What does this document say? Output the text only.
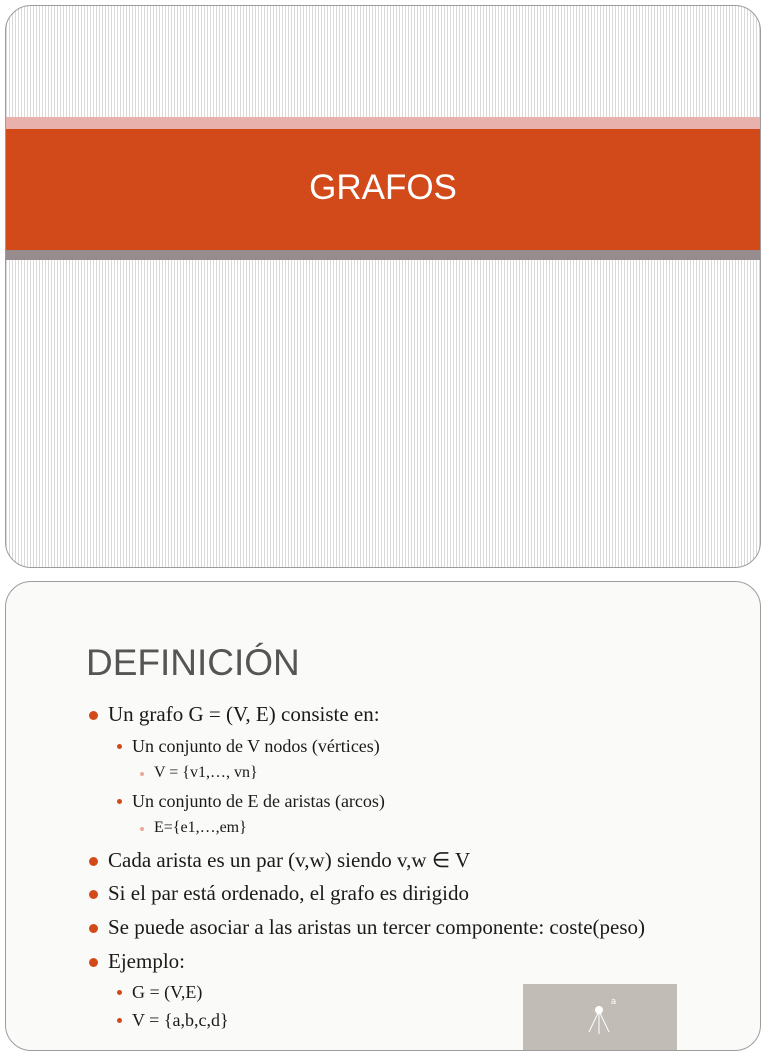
GRAFOS
DEFINICIÓN
Un grafo G = (V, E) consiste en:
Un conjunto de V nodos (vértices)
V = {v1,…, vn}
Un conjunto de E de aristas (arcos)
E={e1,…,em}
Cada arista es un par (v,w) siendo v,w ∈ V
Si el par está ordenado, el grafo es dirigido
Se puede asociar a las aristas un tercer componente: coste(peso)
Ejemplo:
G = (V,E)
V = {a,b,c,d}
a
